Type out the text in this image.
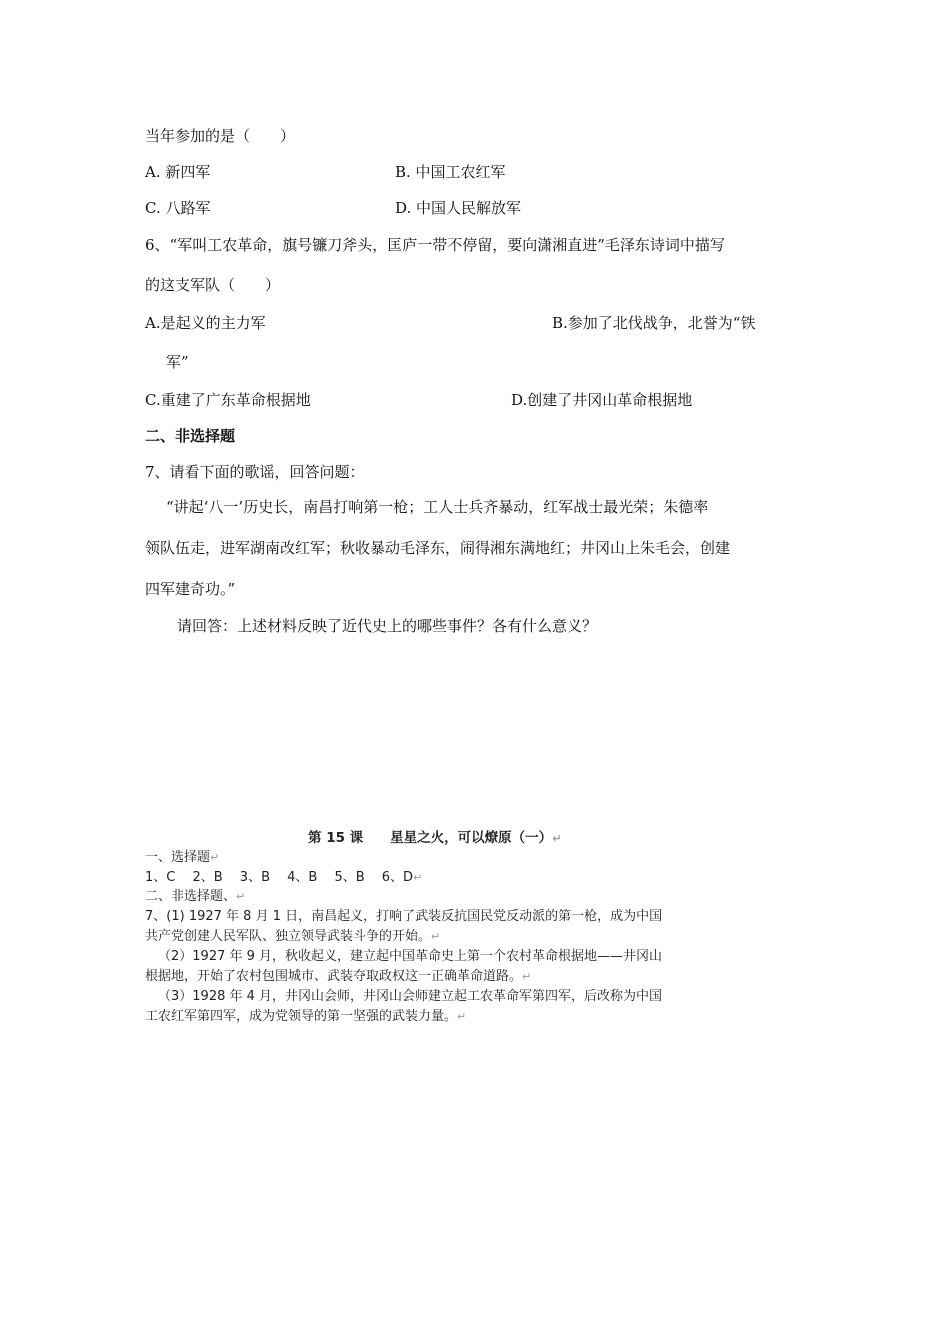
当年参加的是（　　）
A. 新四军	B. 中国工农红军
C. 八路军	D. 中国人民解放军
6、“军叫工农革命，旗号镰刀斧头，匡庐一带不停留，要向潇湘直进”毛泽东诗词中描写
的这支军队（　　）
A.是起义的主力军	B.参加了北伐战争，北誉为“铁
军”
C.重建了广东革命根据地	D.创建了井冈山革命根据地
二、非选择题
7、请看下面的歌谣，回答问题：
“讲起‘八一’历史长，南昌打响第一枪；工人士兵齐暴动，红军战士最光荣；朱德率
领队伍走，进军湖南改红军；秋收暴动毛泽东，闹得湘东满地红；井冈山上朱毛会，创建
四军建奇功。”
请回答：上述材料反映了近代史上的哪些事件？各有什么意义？
第 15 课　　星星之火，可以燎原（一）↵
一、选择题↵
1、C　 2、B　 3、B　 4、B　 5、B　 6、D↵
二、非选择题、↵
7、(1) 1927 年 8 月 1 日，南昌起义，打响了武装反抗国民党反动派的第一枪，成为中国
共产党创建人民军队、独立领导武装斗争的开始。↵
（2）1927 年 9 月，秋收起义，建立起中国革命史上第一个农村革命根据地——井冈山
根据地，开始了农村包围城市、武装夺取政权这一正确革命道路。↵
（3）1928 年 4 月，井冈山会师，井冈山会师建立起工农革命军第四军，后改称为中国
工农红军第四军，成为党领导的第一坚强的武装力量。↵
